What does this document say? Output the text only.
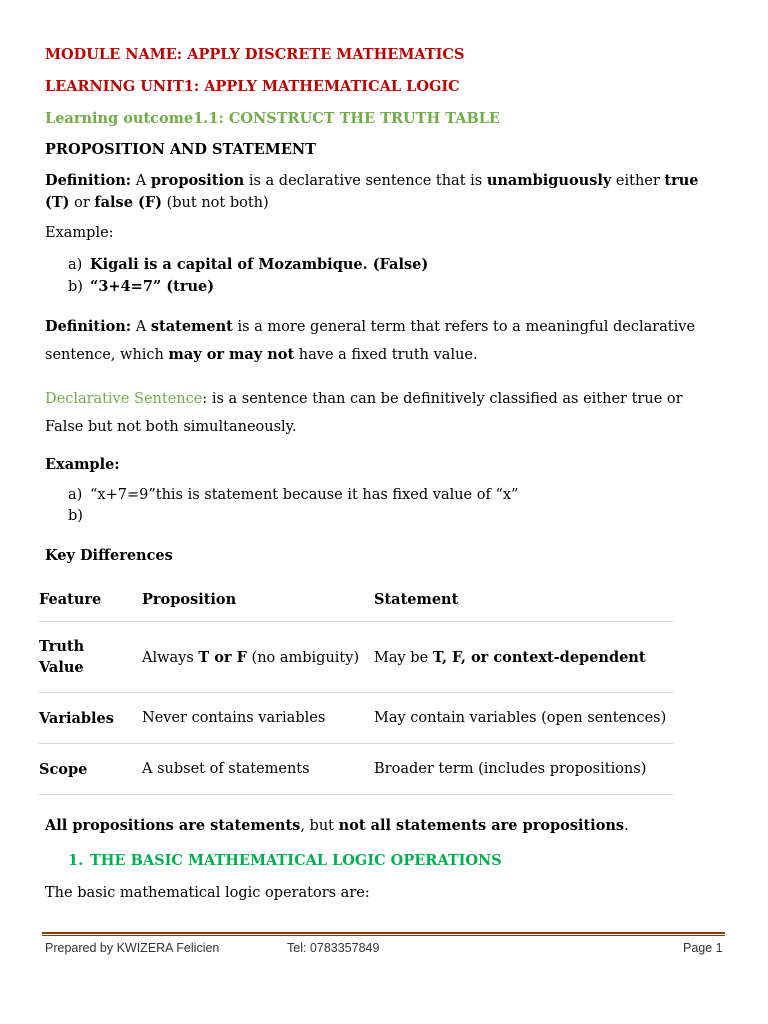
MODULE NAME: APPLY DISCRETE MATHEMATICS
LEARNING UNIT1: APPLY MATHEMATICAL LOGIC
Learning outcome1.1: CONSTRUCT THE TRUTH TABLE
PROPOSITION AND STATEMENT
Definition: A proposition is a declarative sentence that is unambiguously either true
(T) or false (F) (but not both)
Example:
a) Kigali is a capital of Mozambique. (False)
b) “3+4=7” (true)
Definition: A statement is a more general term that refers to a meaningful declarative
sentence, which may or may not have a fixed truth value.
Declarative Sentence: is a sentence than can be definitively classified as either true or
False but not both simultaneously.
Example:
a) “x+7=9”this is statement because it has fixed value of “x”
b)
Key Differences
Feature	Proposition	Statement
Truth
Value	Always T or F (no ambiguity)	May be T, F, or context-dependent
Variables	Never contains variables	May contain variables (open sentences)
Scope	A subset of statements	Broader term (includes propositions)
All propositions are statements, but not all statements are propositions.
1. THE BASIC MATHEMATICAL LOGIC OPERATIONS
The basic mathematical logic operators are:
Prepared by KWIZERA Felicien	Tel: 0783357849	Page 1
